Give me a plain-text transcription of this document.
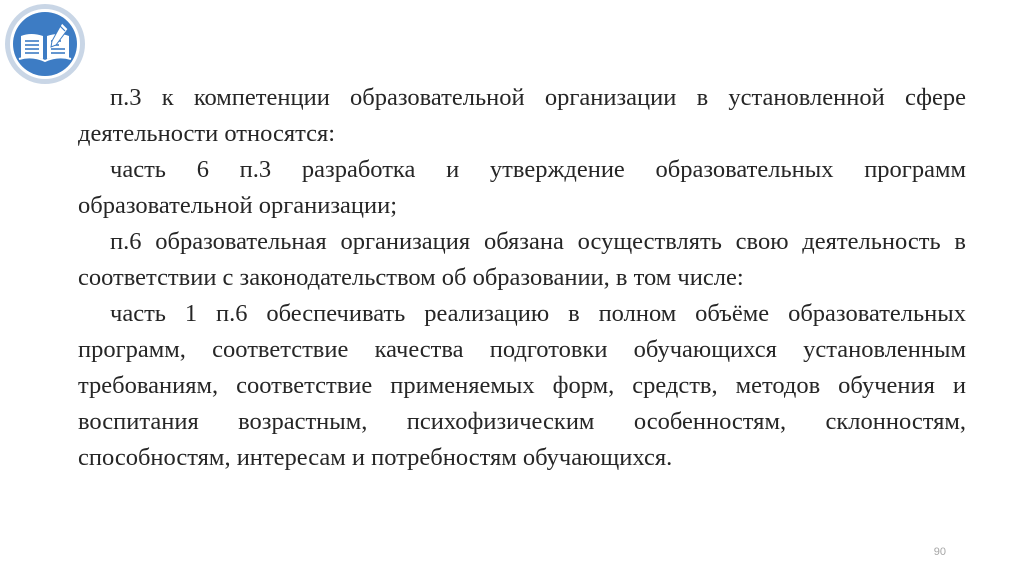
п.3 к компетенции образовательной организации в установленной сфере деятельности относятся:

часть 6 п.3 разработка и утверждение образовательных программ образовательной организации;

п.6 образовательная организация обязана осуществлять свою деятельность в соответствии с законодательством об образовании, в том числе:

часть 1 п.6 обеспечивать реализацию в полном объёме образовательных программ, соответствие качества подготовки обучающихся установленным требованиям, соответствие применяемых форм, средств, методов обучения и воспитания возрастным, психофизическим особенностям, склонностям, способностям, интересам и потребностям обучающихся.

90
